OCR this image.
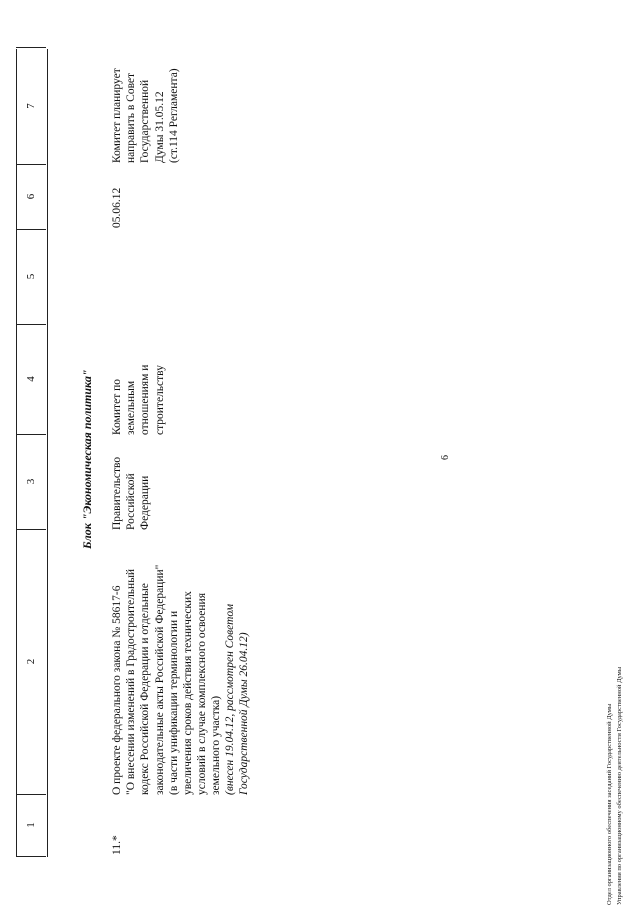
6
1
2
3
4
5
6
7
Блок "Экономическая политика"
11.*
О проекте федерального закона № 58617-6
"О внесении изменений в Градостроительный
кодекс Российской Федерации и отдельные
законодательные акты Российской Федерации"
(в части унификации терминологии и
увеличения сроков действия технических
условий в случае комплексного освоения
земельного участка)
(внесен 19.04.12, рассмотрен Советом
Государственной Думы 26.04.12)
Правительство
Российской
Федерации
Комитет по
земельным
отношениям и
строительству
05.06.12
Комитет планирует
направить в Совет
Государственной
Думы 31.05.12
(ст.114 Регламента)
Отдел организационного обеспечения заседаний Государственной Думы Управления по организационному обеспечению деятельности Государственной Думы
